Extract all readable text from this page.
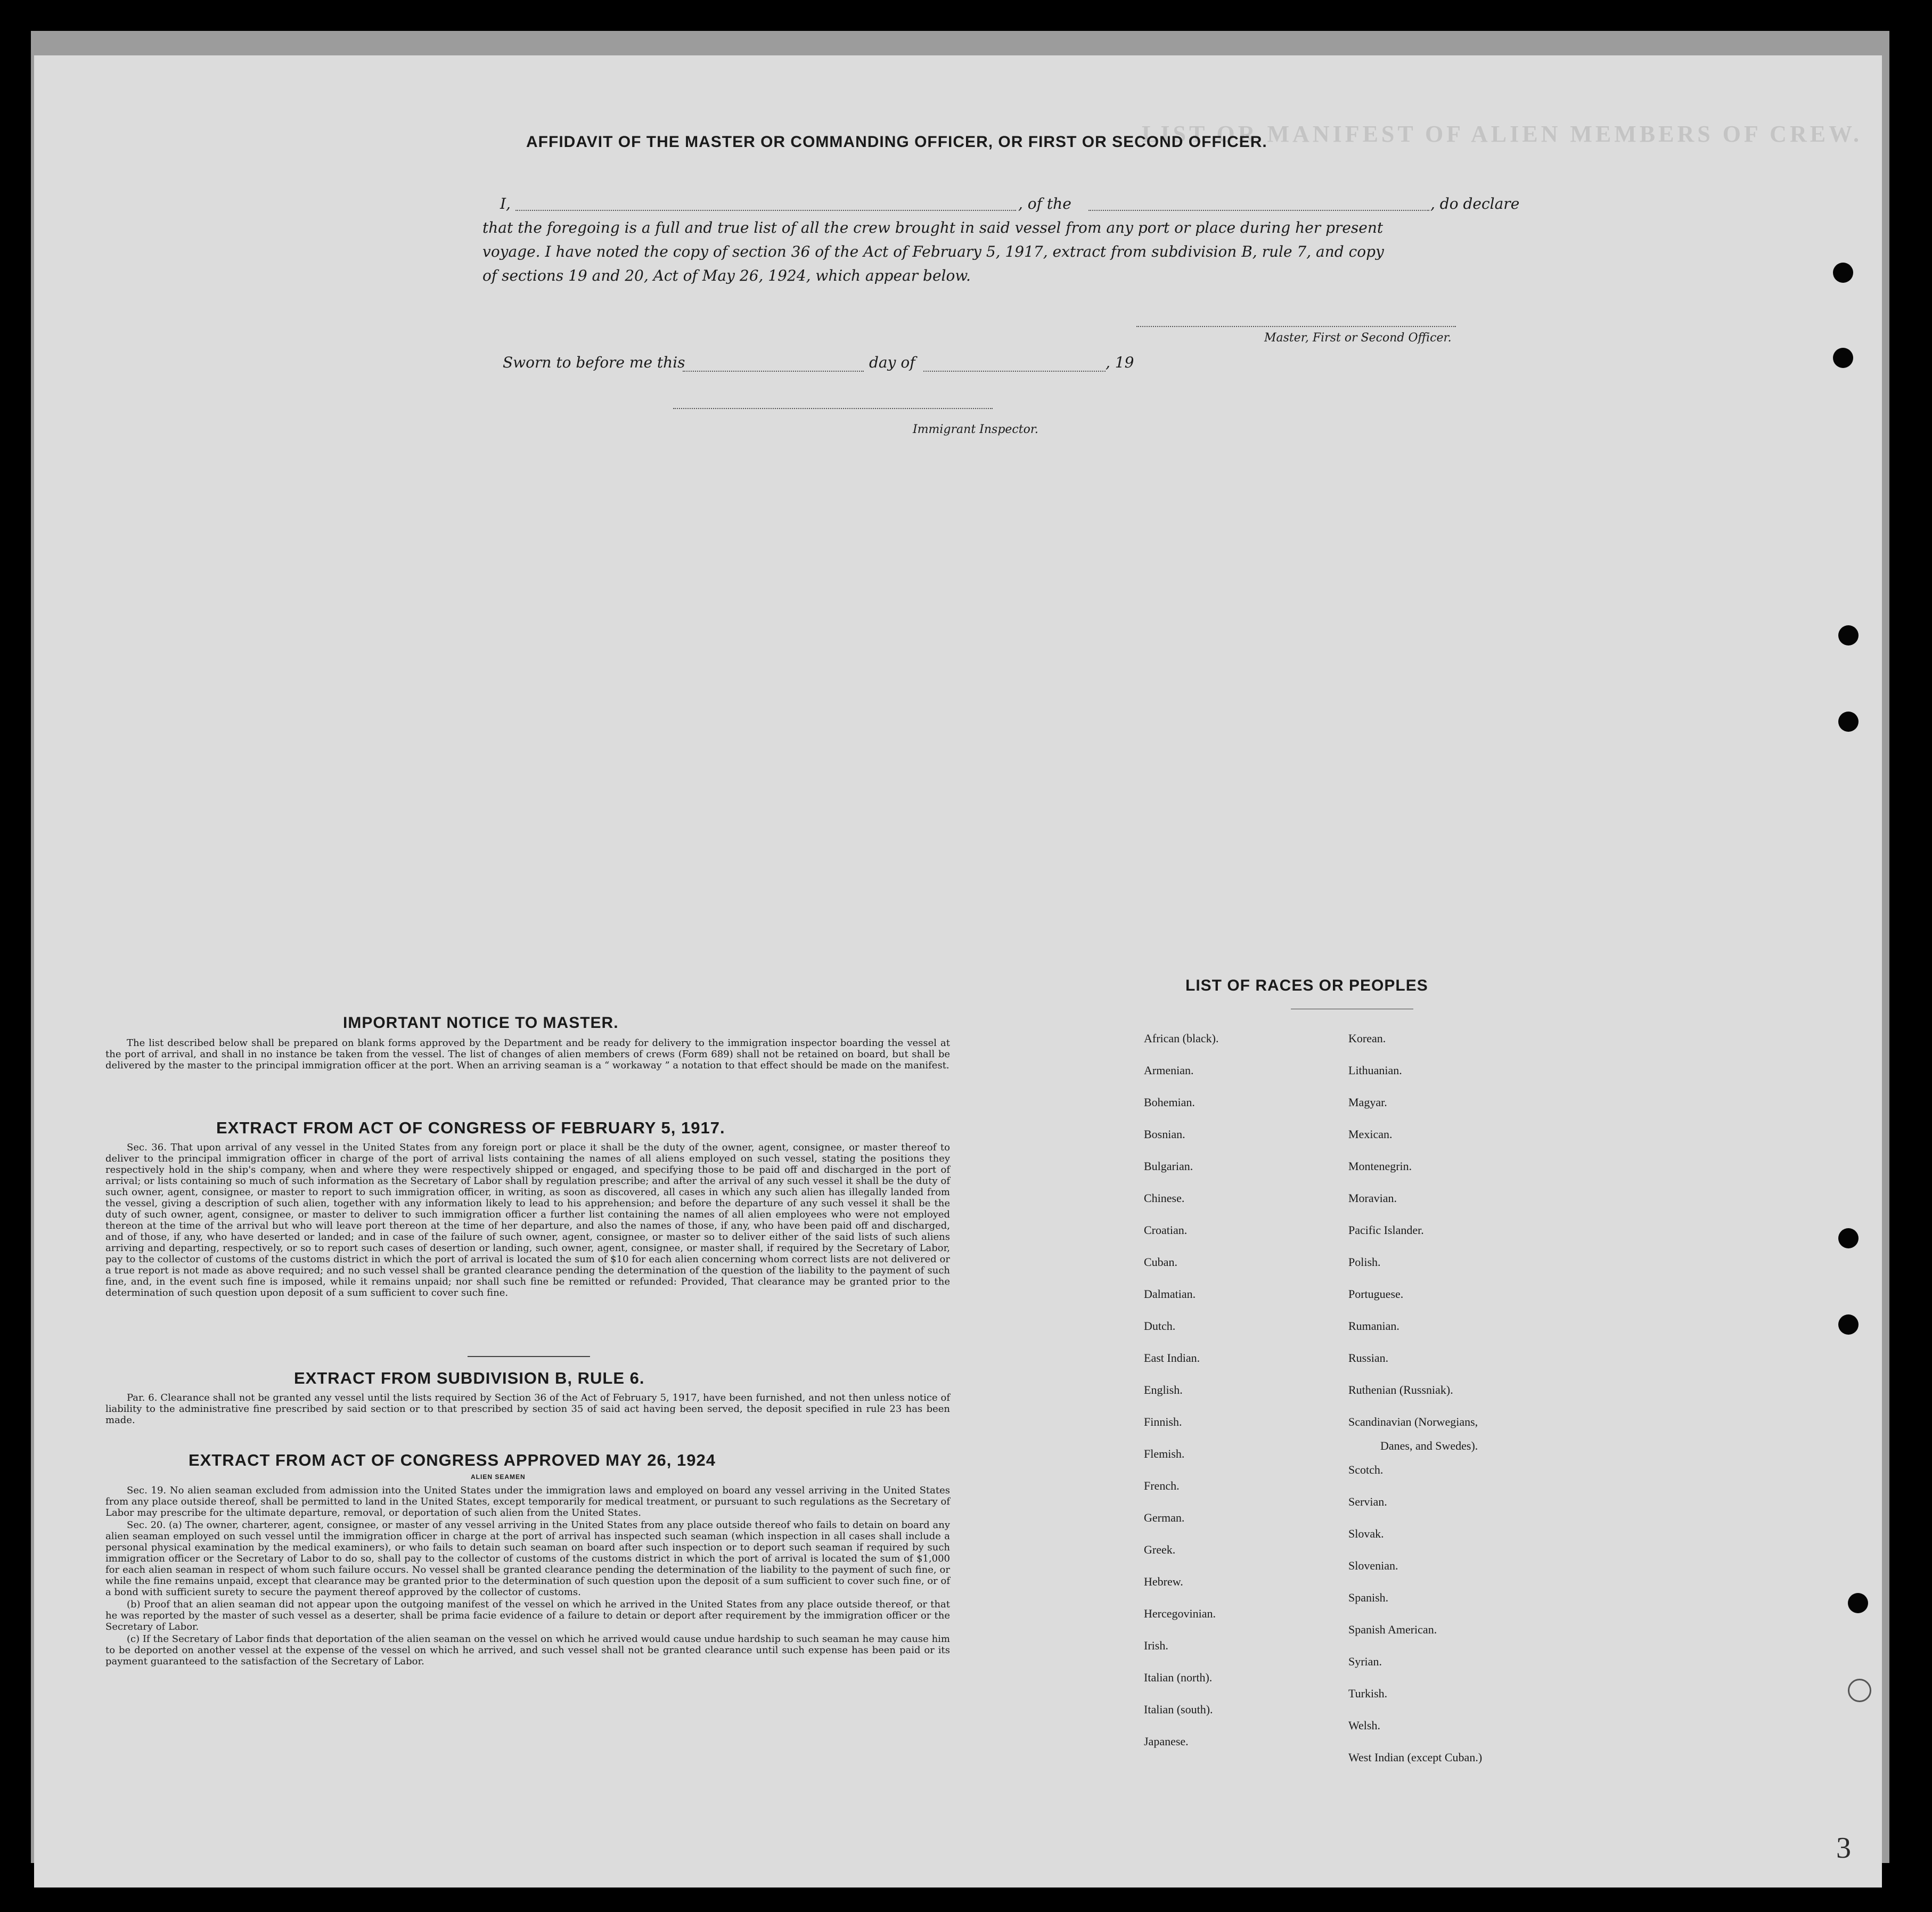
LIST OR MANIFEST OF ALIEN MEMBERS OF CREW.
AFFIDAVIT OF THE MASTER OR COMMANDING OFFICER, OR FIRST OR SECOND OFFICER.
I,	, of the	, do declare
that the foregoing is a full and true list of all the crew brought in said vessel from any port or place during her present
voyage. I have noted the copy of section 36 of the Act of February 5, 1917, extract from subdivision B, rule 7, and copy
of sections 19 and 20, Act of May 26, 1924, which appear below.
Master, First or Second Officer.
Sworn to before me this	day of	, 19
Immigrant Inspector.
IMPORTANT NOTICE TO MASTER.

The list described below shall be prepared on blank forms approved by the Department and be ready for delivery to the immigration inspector boarding the vessel at the port of arrival, and shall in no instance be taken from the vessel. The list of changes of alien members of crews (Form 689) shall not be retained on board, but shall be delivered by the master to the principal immigration officer at the port. When an arriving seaman is a “ workaway ” a notation to that effect should be made on the manifest.

EXTRACT FROM ACT OF CONGRESS OF FEBRUARY 5, 1917.

Sec. 36. That upon arrival of any vessel in the United States from any foreign port or place it shall be the duty of the owner, agent, consignee, or master thereof to deliver to the principal immigration officer in charge of the port of arrival lists containing the names of all aliens employed on such vessel, stating the positions they respectively hold in the ship's company, when and where they were respectively shipped or engaged, and specifying those to be paid off and discharged in the port of arrival; or lists containing so much of such information as the Secretary of Labor shall by regulation prescribe; and after the arrival of any such vessel it shall be the duty of such owner, agent, consignee, or master to report to such immigration officer, in writing, as soon as discovered, all cases in which any such alien has illegally landed from the vessel, giving a description of such alien, together with any information likely to lead to his apprehension; and before the departure of any such vessel it shall be the duty of such owner, agent, consignee, or master to deliver to such immigration officer a further list containing the names of all alien employees who were not employed thereon at the time of the arrival but who will leave port thereon at the time of her departure, and also the names of those, if any, who have been paid off and discharged, and of those, if any, who have deserted or landed; and in case of the failure of such owner, agent, consignee, or master so to deliver either of the said lists of such aliens arriving and departing, respectively, or so to report such cases of desertion or landing, such owner, agent, consignee, or master shall, if required by the Secretary of Labor, pay to the collector of customs of the customs district in which the port of arrival is located the sum of $10 for each alien concerning whom correct lists are not delivered or a true report is not made as above required; and no such vessel shall be granted clearance pending the determination of the question of the liability to the payment of such fine, and, in the event such fine is imposed, while it remains unpaid; nor shall such fine be remitted or refunded: Provided, That clearance may be granted prior to the determination of such question upon deposit of a sum sufficient to cover such fine.

EXTRACT FROM SUBDIVISION B, RULE 6.

Par. 6. Clearance shall not be granted any vessel until the lists required by Section 36 of the Act of February 5, 1917, have been furnished, and not then unless notice of liability to the administrative fine prescribed by said section or to that prescribed by section 35 of said act having been served, the deposit specified in rule 23 has been made.

EXTRACT FROM ACT OF CONGRESS APPROVED MAY 26, 1924
ALIEN SEAMEN

Sec. 19. No alien seaman excluded from admission into the United States under the immigration laws and employed on board any vessel arriving in the United States from any place outside thereof, shall be permitted to land in the United States, except temporarily for medical treatment, or pursuant to such regulations as the Secretary of Labor may prescribe for the ultimate departure, removal, or deportation of such alien from the United States.

Sec. 20. (a) The owner, charterer, agent, consignee, or master of any vessel arriving in the United States from any place outside thereof who fails to detain on board any alien seaman employed on such vessel until the immigration officer in charge at the port of arrival has inspected such seaman (which inspection in all cases shall include a personal physical examination by the medical examiners), or who fails to detain such seaman on board after such inspection or to deport such seaman if required by such immigration officer or the Secretary of Labor to do so, shall pay to the collector of customs of the customs district in which the port of arrival is located the sum of $1,000 for each alien seaman in respect of whom such failure occurs. No vessel shall be granted clearance pending the determination of the liability to the payment of such fine, or while the fine remains unpaid, except that clearance may be granted prior to the determination of such question upon the deposit of a sum sufficient to cover such fine, or of a bond with sufficient surety to secure the payment thereof approved by the collector of customs.

(b) Proof that an alien seaman did not appear upon the outgoing manifest of the vessel on which he arrived in the United States from any place outside thereof, or that he was reported by the master of such vessel as a deserter, shall be prima facie evidence of a failure to detain or deport after requirement by the immigration officer or the Secretary of Labor.

(c) If the Secretary of Labor finds that deportation of the alien seaman on the vessel on which he arrived would cause undue hardship to such seaman he may cause him to be deported on another vessel at the expense of the vessel on which he arrived, and such vessel shall not be granted clearance until such expense has been paid or its payment guaranteed to the satisfaction of the Secretary of Labor.

LIST OF RACES OR PEOPLES
African (black).
Armenian.
Bohemian.
Bosnian.
Bulgarian.
Chinese.
Croatian.
Cuban.
Dalmatian.
Dutch.
East Indian.
English.
Finnish.
Flemish.
French.
German.
Greek.
Hebrew.
Hercegovinian.
Irish.
Italian (north).
Italian (south).
Japanese.
Korean.
Lithuanian.
Magyar.
Mexican.
Montenegrin.
Moravian.
Pacific Islander.
Polish.
Portuguese.
Rumanian.
Russian.
Ruthenian (Russniak).
Scandinavian (Norwegians,
Danes, and Swedes).
Scotch.
Servian.
Slovak.
Slovenian.
Spanish.
Spanish American.
Syrian.
Turkish.
Welsh.
West Indian (except Cuban.)
3
